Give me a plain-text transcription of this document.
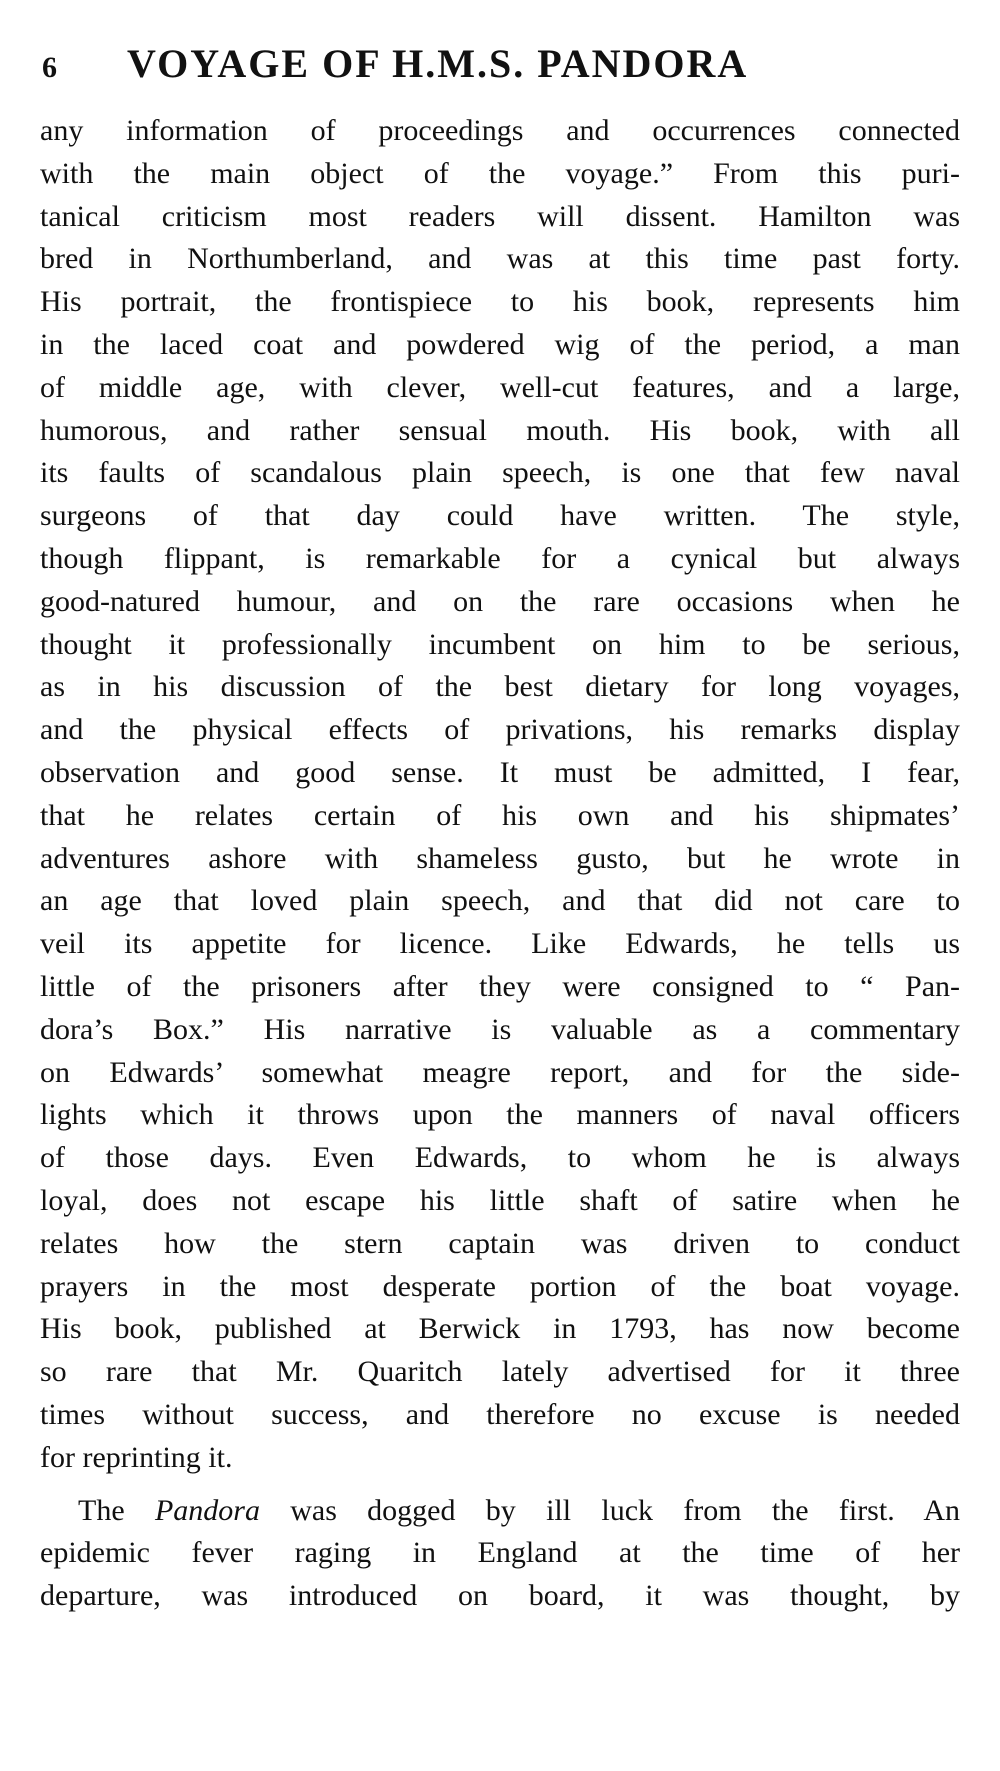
6	VOYAGE OF H.M.S. PANDORA
any information of proceedings and occurrences connected
with the main object of the voyage.” From this puri-
tanical criticism most readers will dissent. Hamilton was
bred in Northumberland, and was at this time past forty.
His portrait, the frontispiece to his book, represents him
in the laced coat and powdered wig of the period, a man
of middle age, with clever, well-cut features, and a large,
humorous, and rather sensual mouth. His book, with all
its faults of scandalous plain speech, is one that few naval
surgeons of that day could have written. The style,
though flippant, is remarkable for a cynical but always
good-natured humour, and on the rare occasions when he
thought it professionally incumbent on him to be serious,
as in his discussion of the best dietary for long voyages,
and the physical effects of privations, his remarks display
observation and good sense. It must be admitted, I fear,
that he relates certain of his own and his shipmates’
adventures ashore with shameless gusto, but he wrote in
an age that loved plain speech, and that did not care to
veil its appetite for licence. Like Edwards, he tells us
little of the prisoners after they were consigned to “ Pan-
dora’s Box.” His narrative is valuable as a commentary
on Edwards’ somewhat meagre report, and for the side-
lights which it throws upon the manners of naval officers
of those days. Even Edwards, to whom he is always
loyal, does not escape his little shaft of satire when he
relates how the stern captain was driven to conduct
prayers in the most desperate portion of the boat voyage.
His book, published at Berwick in 1793, has now become
so rare that Mr. Quaritch lately advertised for it three
times without success, and therefore no excuse is needed
for reprinting it.
The Pandora was dogged by ill luck from the first. An
epidemic fever raging in England at the time of her
departure, was introduced on board, it was thought, by
